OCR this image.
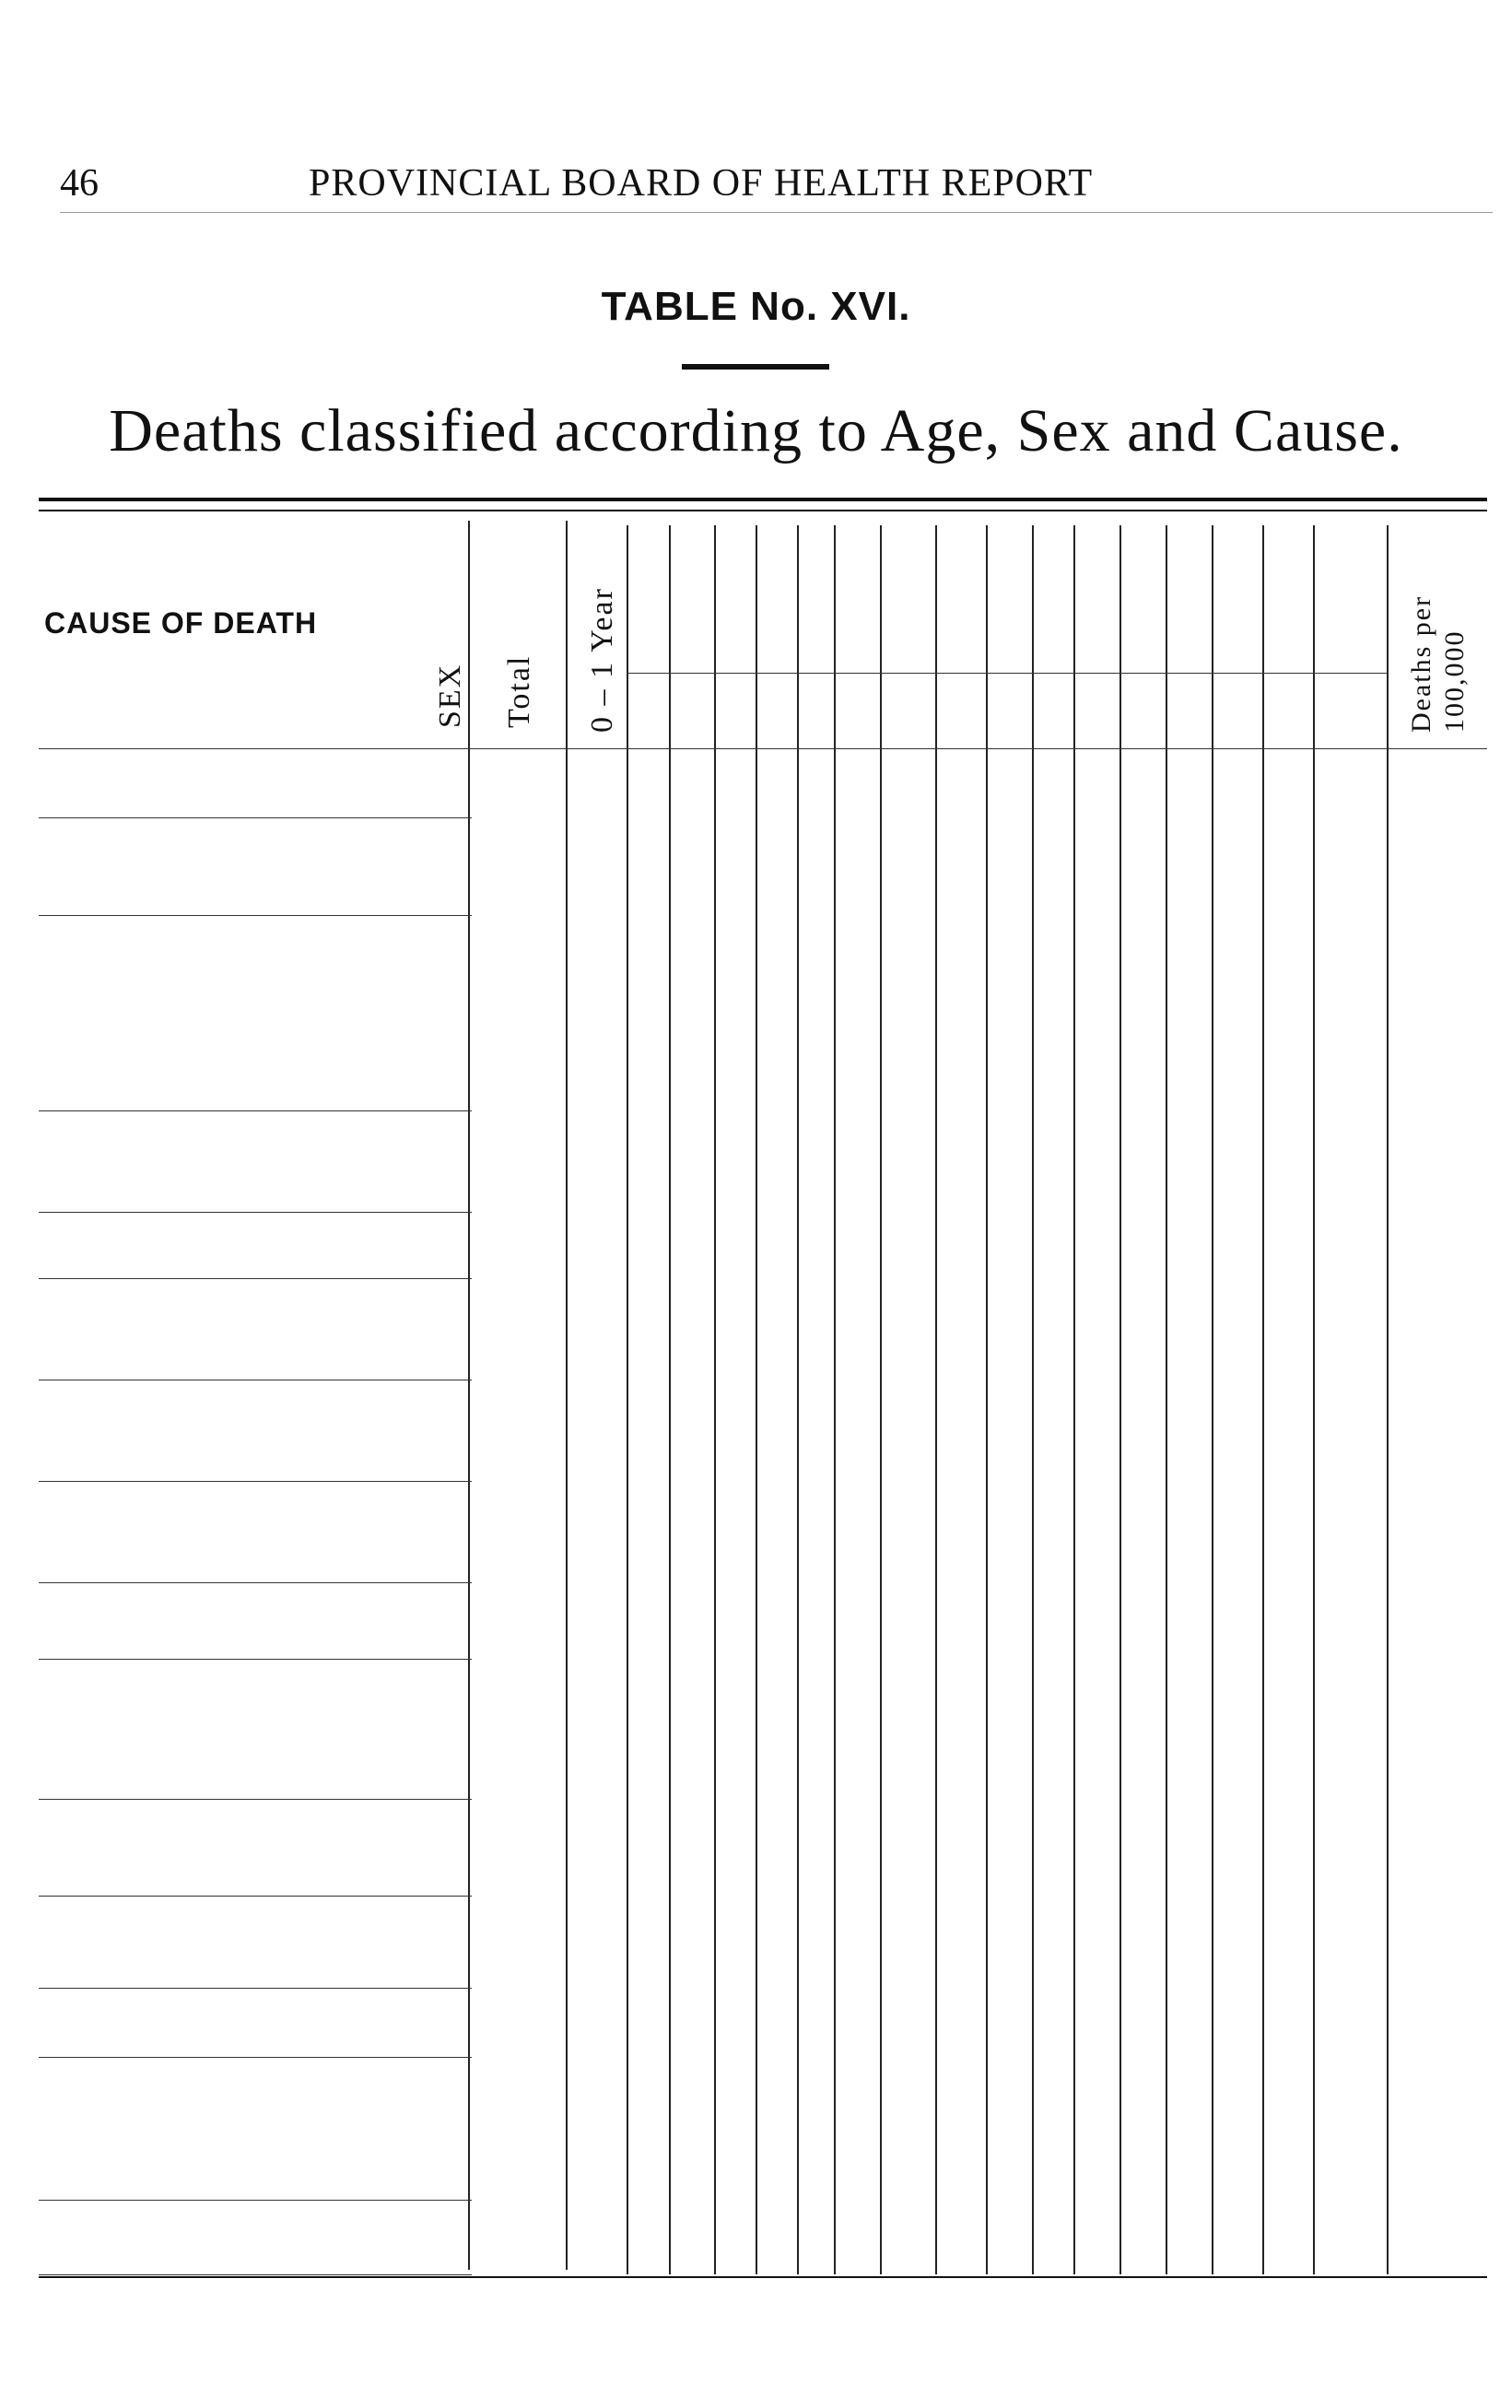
46	PROVINCIAL BOARD OF HEALTH REPORT
TABLE No. XVI.
Deaths classified according to Age, Sex and Cause.
CAUSE OF DEATH
SEX Total 0 – 1 Year	Deaths per 100,000
